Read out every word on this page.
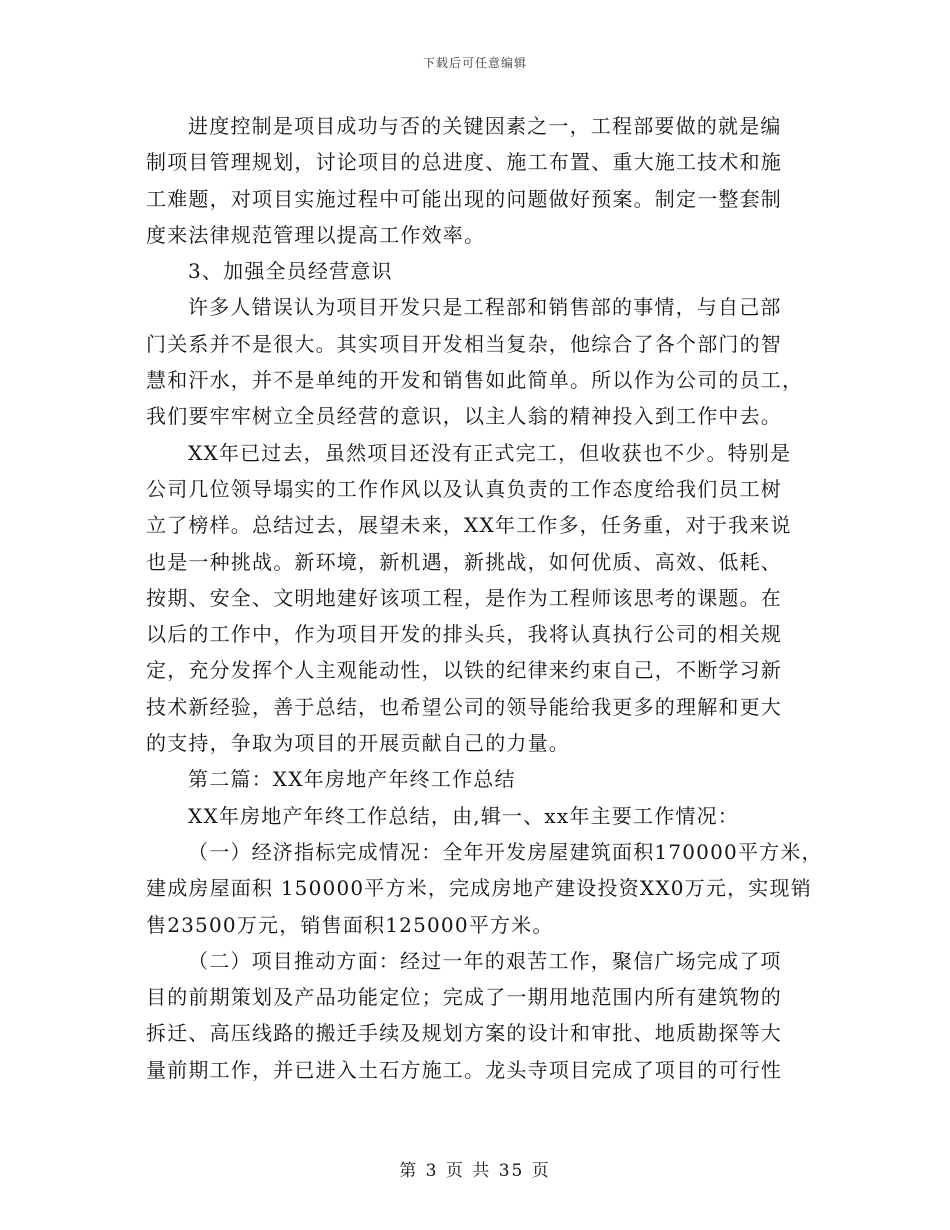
下载后可任意编辑
进度控制是项目成功与否的关键因素之一，工程部要做的就是编
制项目管理规划，讨论项目的总进度、施工布置、重大施工技术和施
工难题，对项目实施过程中可能出现的问题做好预案。制定一整套制
度来法律规范管理以提高工作效率。
3、加强全员经营意识
许多人错误认为项目开发只是工程部和销售部的事情，与自己部
门关系并不是很大。其实项目开发相当复杂，他综合了各个部门的智
慧和汗水，并不是单纯的开发和销售如此简单。所以作为公司的员工，
我们要牢牢树立全员经营的意识，以主人翁的精神投入到工作中去。
XX年已过去，虽然项目还没有正式完工，但收获也不少。特别是
公司几位领导塌实的工作作风以及认真负责的工作态度给我们员工树
立了榜样。总结过去，展望未来，XX年工作多，任务重，对于我来说
也是一种挑战。新环境，新机遇，新挑战，如何优质、高效、低耗、
按期、安全、文明地建好该项工程，是作为工程师该思考的课题。在
以后的工作中，作为项目开发的排头兵，我将认真执行公司的相关规
定，充分发挥个人主观能动性，以铁的纪律来约束自己，不断学习新
技术新经验，善于总结，也希望公司的领导能给我更多的理解和更大
的支持，争取为项目的开展贡献自己的力量。
第二篇：XX年房地产年终工作总结
XX年房地产年终工作总结，由,辑一、xx年主要工作情况：
（一）经济指标完成情况：全年开发房屋建筑面积170000平方米，
建成房屋面积 150000平方米，完成房地产建设投资XX0万元，实现销
售23500万元，销售面积125000平方米。
（二）项目推动方面：经过一年的艰苦工作，聚信广场完成了项
目的前期策划及产品功能定位；完成了一期用地范围内所有建筑物的
拆迁、高压线路的搬迁手续及规划方案的设计和审批、地质勘探等大
量前期工作，并已进入土石方施工。龙头寺项目完成了项目的可行性
第 3 页 共 35 页
